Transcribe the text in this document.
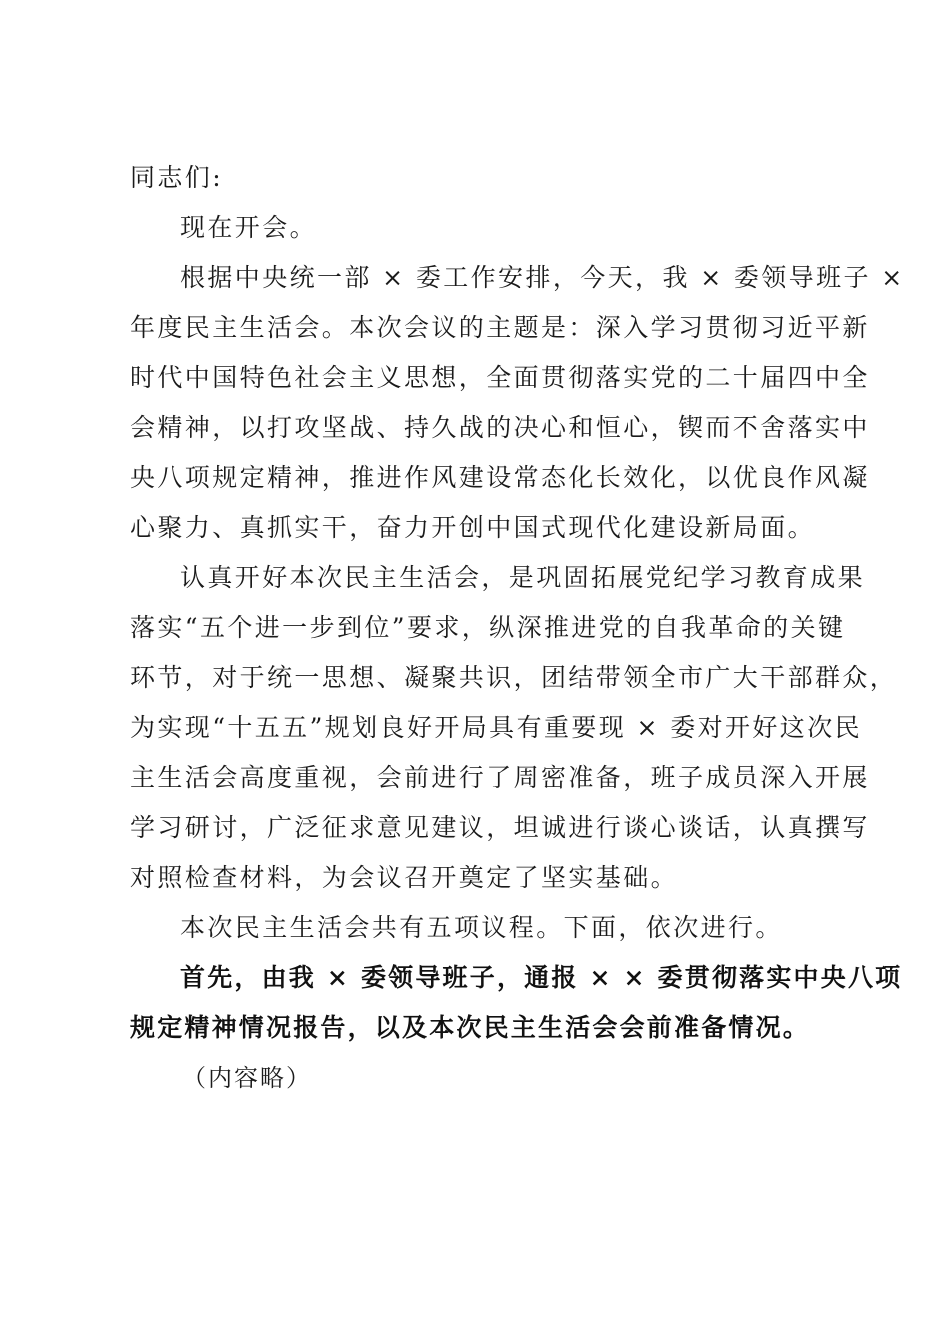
同志们:

现在开会。

根据中央统一部 × 委工作安排，今天，我 × 委领导班子 ×

年度民主生活会。本次会议的主题是：深入学习贯彻习近平新

时代中国特色社会主义思想，全面贯彻落实党的二十届四中全

会精神，以打攻坚战、持久战的决心和恒心，锲而不舍落实中

央八项规定精神，推进作风建设常态化长效化，以优良作风凝

心聚力、真抓实干，奋力开创中国式现代化建设新局面。

认真开好本次民主生活会，是巩固拓展党纪学习教育成果

落实“五个进一步到位”要求，纵深推进党的自我革命的关键

环节，对于统一思想、凝聚共识，团结带领全市广大干部群众，

为实现“十五五”规划良好开局具有重要现 × 委对开好这次民

主生活会高度重视，会前进行了周密准备，班子成员深入开展

学习研讨，广泛征求意见建议，坦诚进行谈心谈话，认真撰写

对照检查材料，为会议召开奠定了坚实基础。

本次民主生活会共有五项议程。下面，依次进行。

首先，由我 × 委领导班子，通报 × × 委贯彻落实中央八项

规定精神情况报告，以及本次民主生活会会前准备情况。

（内容略）
